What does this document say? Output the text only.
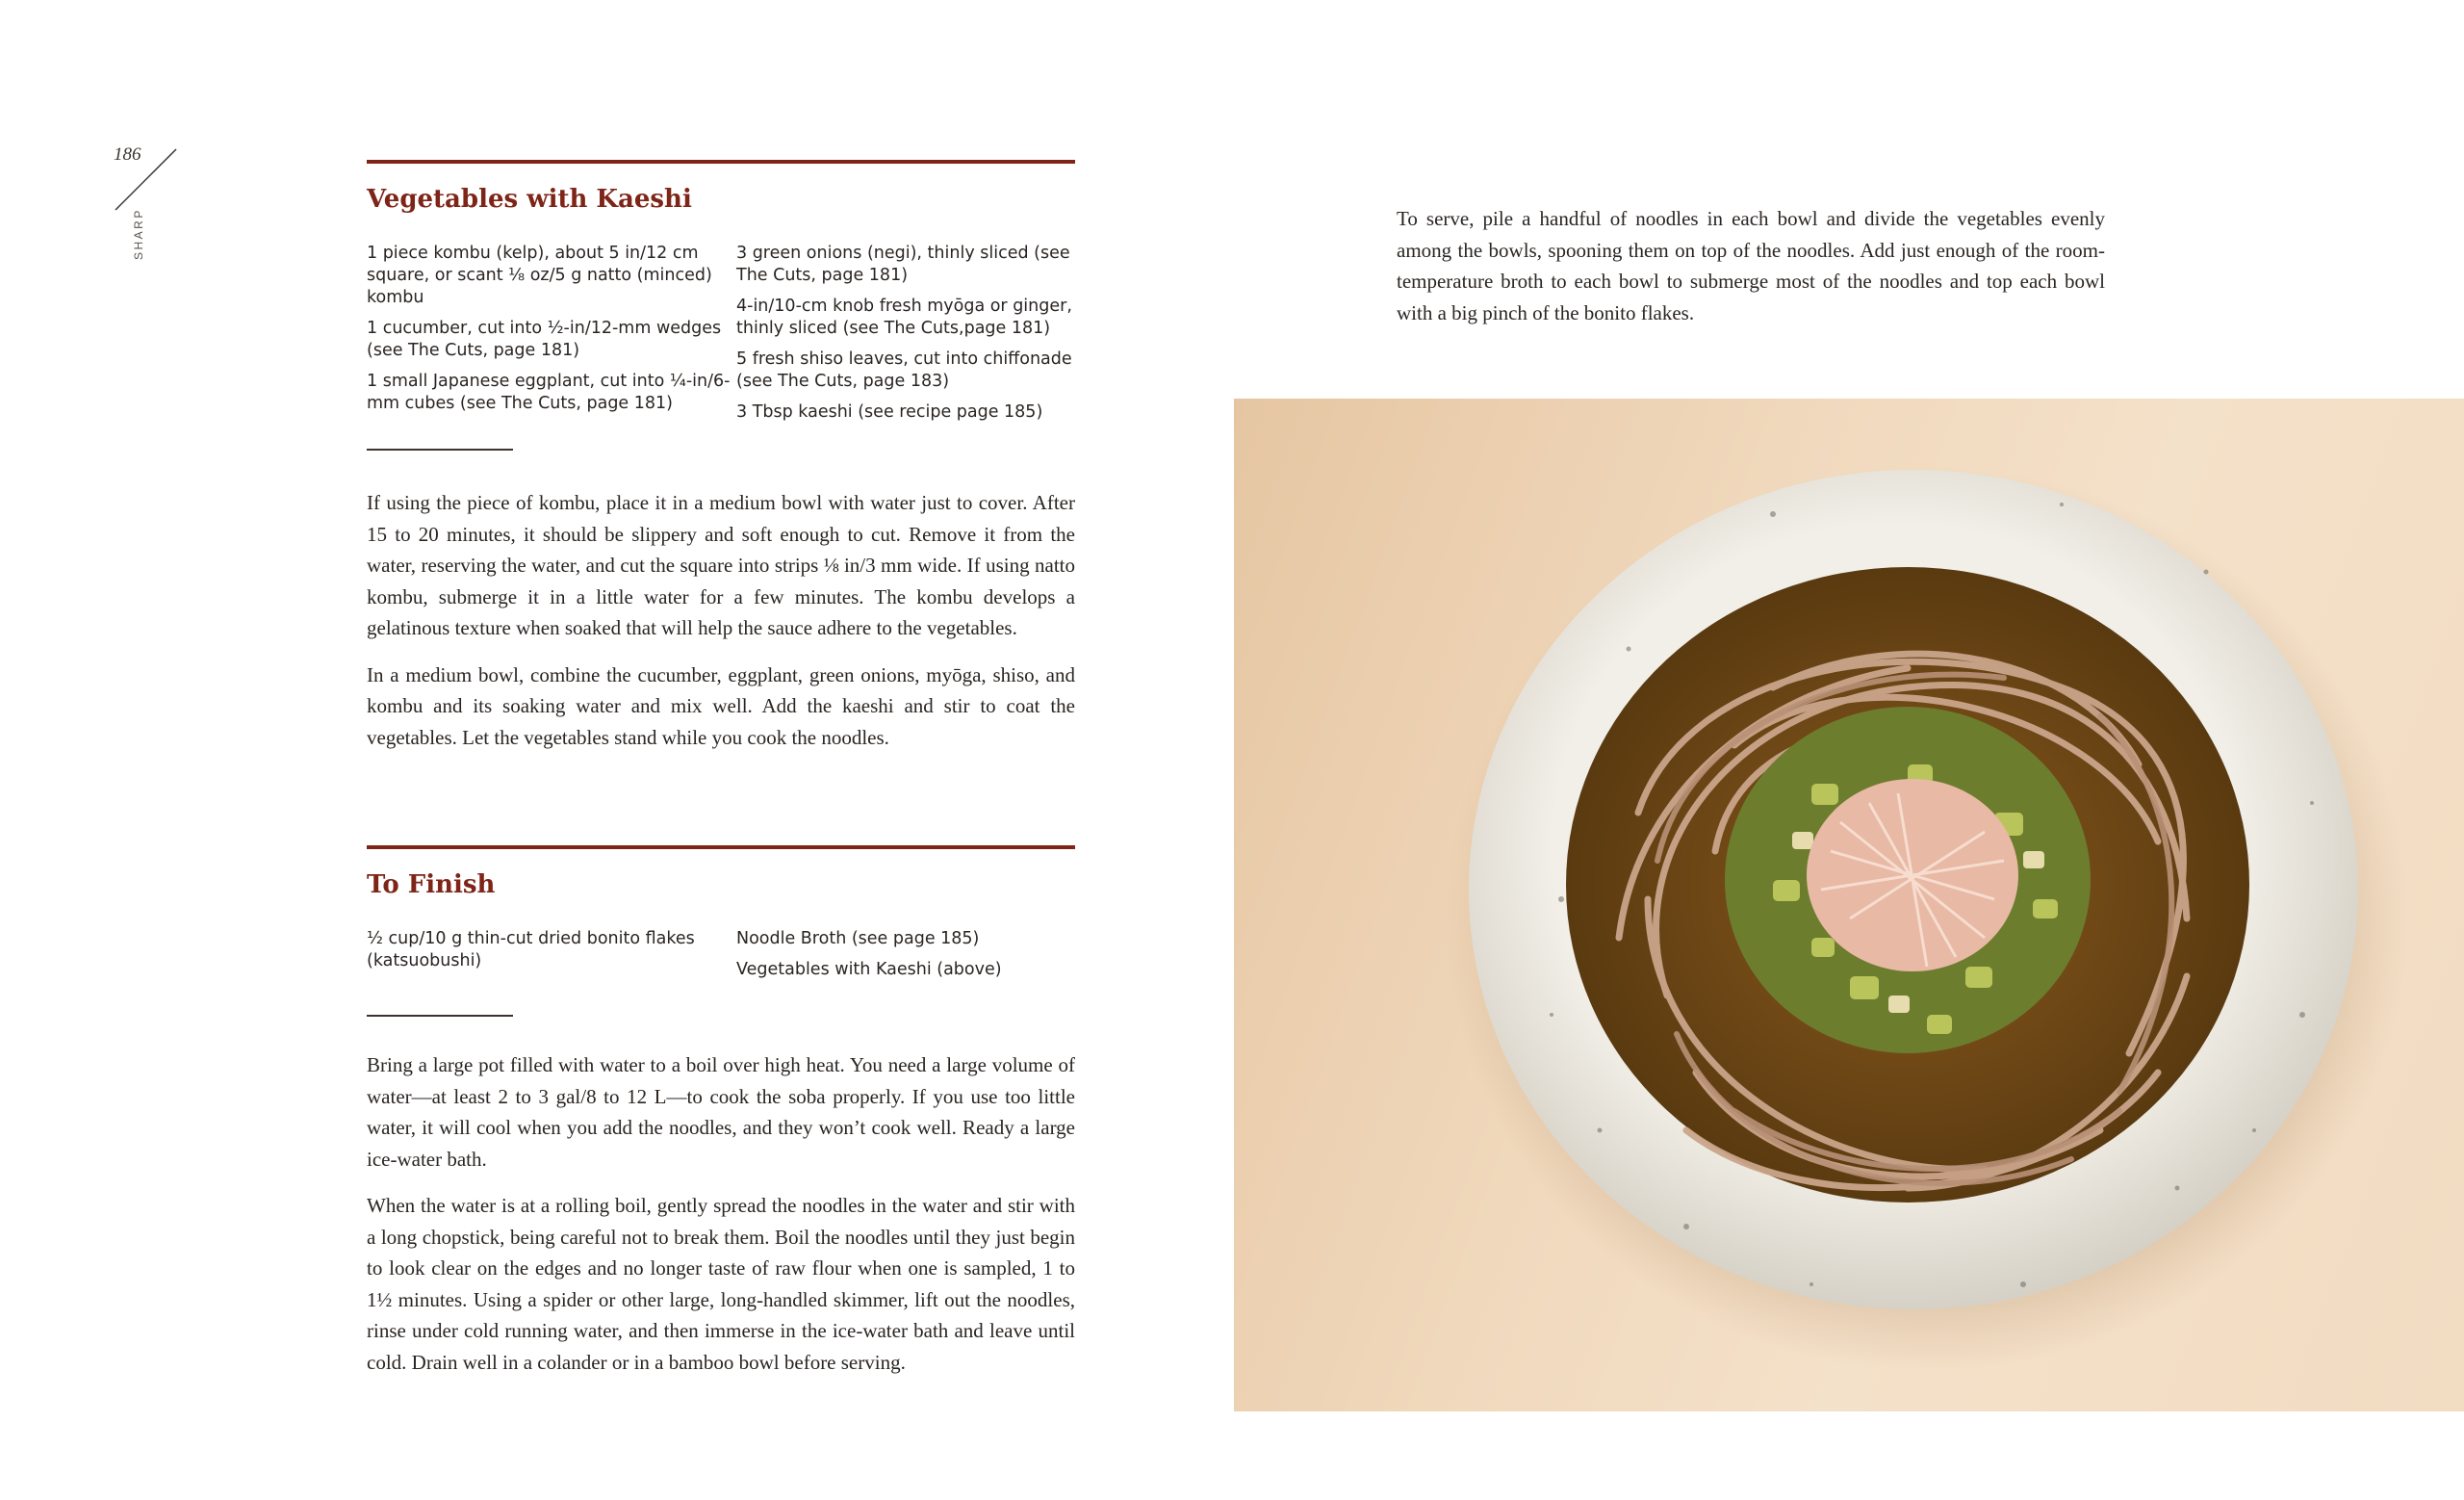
186
SHARP
Vegetables with Kaeshi
1 piece kombu (kelp), about 5 in/12 cm square, or scant ⅛ oz/5 g natto (minced) kombu
1 cucumber, cut into ½-in/12-mm wedges (see The Cuts, page 181)
1 small Japanese eggplant, cut into ¼-in/6-mm cubes (see The Cuts, page 181)
3 green onions (negi), thinly sliced (see The Cuts, page 181)
4-in/10-cm knob fresh myōga or ginger, thinly sliced (see The Cuts,page 181)
5 fresh shiso leaves, cut into chiffonade (see The Cuts, page 183)
3 Tbsp kaeshi (see recipe page 185)

If using the piece of kombu, place it in a medium bowl with water just to cover. After 15 to 20 minutes, it should be slippery and soft enough to cut. Remove it from the water, reserving the water, and cut the square into strips ⅛ in/3 mm wide. If using natto kombu, submerge it in a little water for a few minutes. The kombu develops a gelatinous texture when soaked that will help the sauce adhere to the vegetables.

In a medium bowl, combine the cucumber, eggplant, green onions, myōga, shiso, and kombu and its soaking water and mix well. Add the kaeshi and stir to coat the vegetables. Let the vegetables stand while you cook the noodles.

To Finish
½ cup/10 g thin-cut dried bonito flakes (katsuobushi)
Noodle Broth (see page 185)
Vegetables with Kaeshi (above)

Bring a large pot filled with water to a boil over high heat. You need a large volume of water—at least 2 to 3 gal/8 to 12 L—to cook the soba properly. If you use too little water, it will cool when you add the noodles, and they won’t cook well. Ready a large ice-water bath.

When the water is at a rolling boil, gently spread the noodles in the water and stir with a long chopstick, being careful not to break them. Boil the noodles until they just begin to look clear on the edges and no longer taste of raw flour when one is sampled, 1 to 1½ minutes. Using a spider or other large, long-handled skimmer, lift out the noodles, rinse under cold running water, and then immerse in the ice-water bath and leave until cold. Drain well in a colander or in a bamboo bowl before serving.

To serve, pile a handful of noodles in each bowl and divide the vegetables evenly among the bowls, spooning them on top of the noodles. Add just enough of the room-temperature broth to each bowl to submerge most of the noodles and top each bowl with a big pinch of the bonito flakes.
